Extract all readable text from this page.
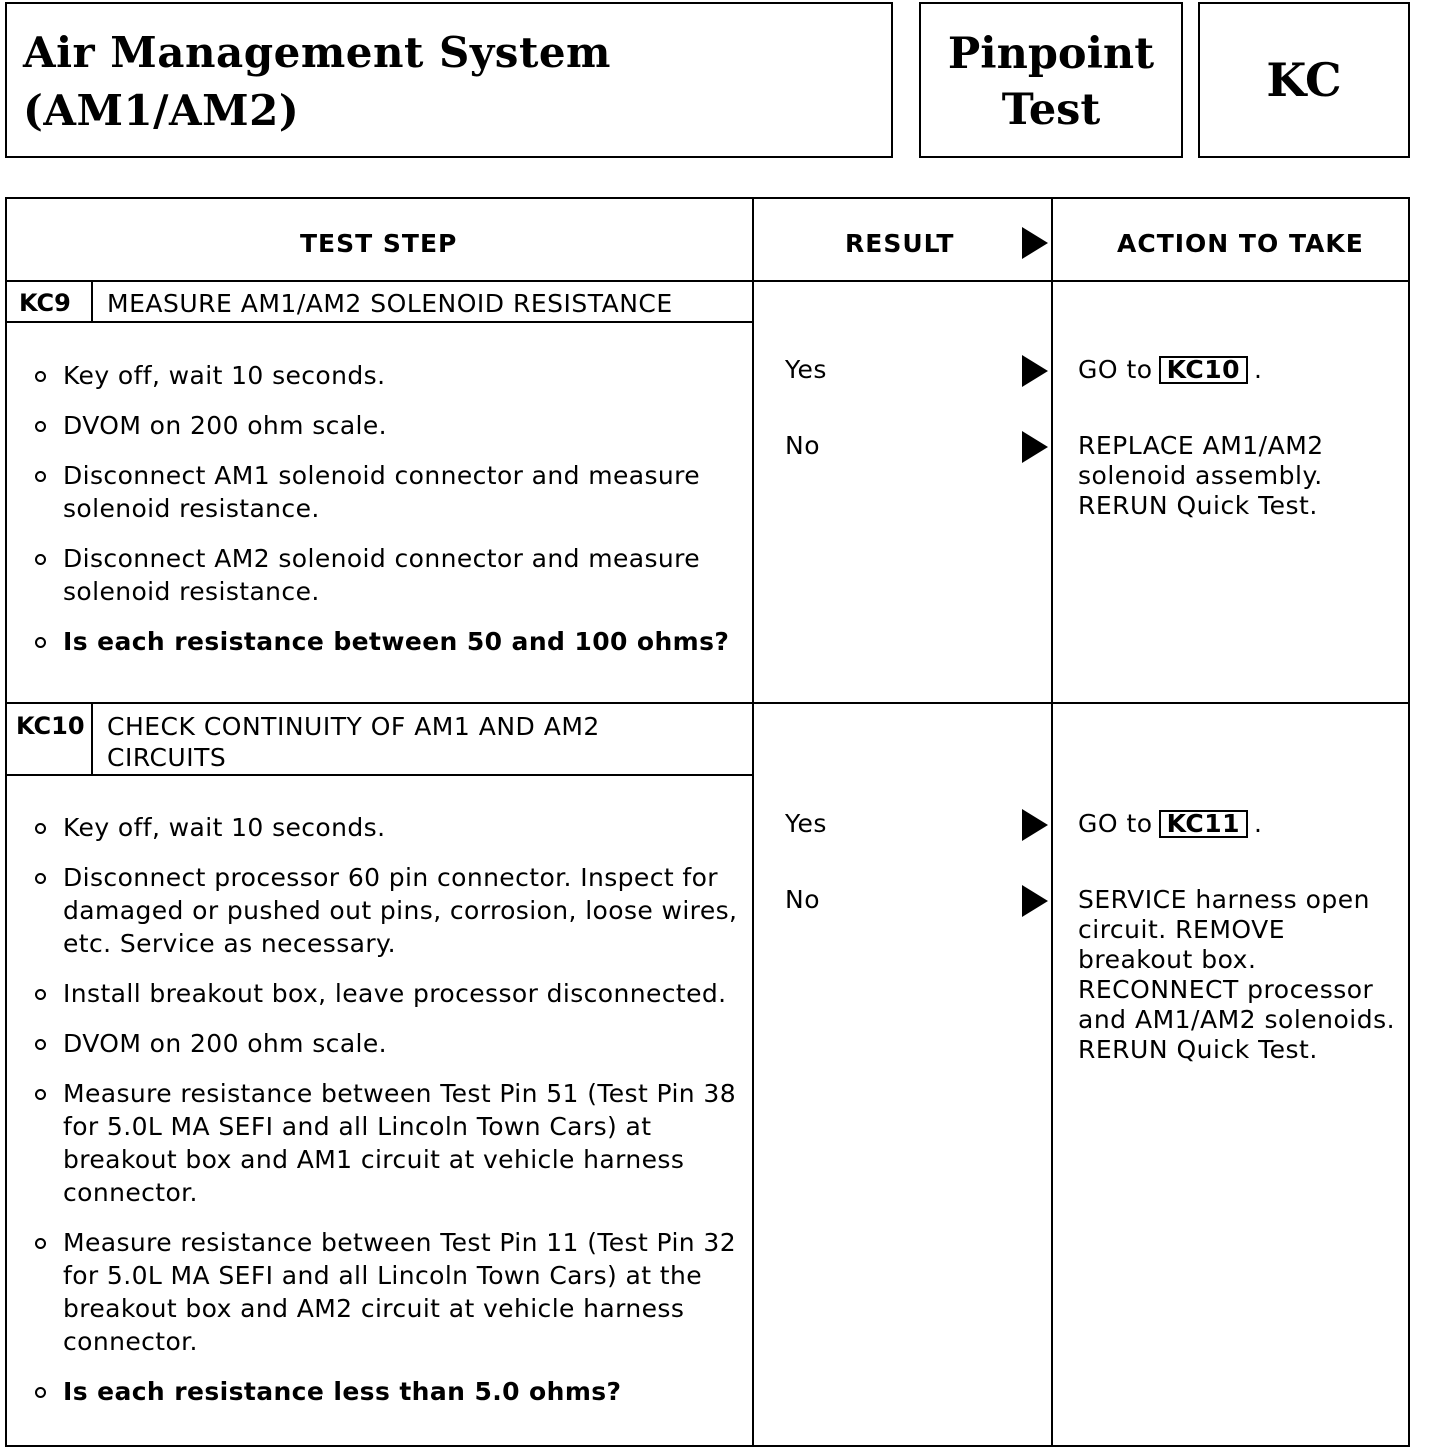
Air Management System
(AM1/AM2)
Pinpoint
Test
KC
TEST STEP	RESULT	ACTION TO TAKE
KC9 MEASURE AM1/AM2 SOLENOID RESISTANCE
Key off, wait 10 seconds.
DVOM on 200 ohm scale.
Disconnect AM1 solenoid connector and measure solenoid resistance.
Disconnect AM2 solenoid connector and measure solenoid resistance.
Is each resistance between 50 and 100 ohms?
Yes	GO to KC10 .
No	REPLACE AM1/AM2 solenoid assembly. RERUN Quick Test.
KC10 CHECK CONTINUITY OF AM1 AND AM2 CIRCUITS
Key off, wait 10 seconds.
Disconnect processor 60 pin connector. Inspect for damaged or pushed out pins, corrosion, loose wires, etc. Service as necessary.
Install breakout box, leave processor disconnected.
DVOM on 200 ohm scale.
Measure resistance between Test Pin 51 (Test Pin 38 for 5.0L MA SEFI and all Lincoln Town Cars) at breakout box and AM1 circuit at vehicle harness connector.
Measure resistance between Test Pin 11 (Test Pin 32 for 5.0L MA SEFI and all Lincoln Town Cars) at the breakout box and AM2 circuit at vehicle harness connector.
Is each resistance less than 5.0 ohms?
Yes	GO to KC11 .
No	SERVICE harness open circuit. REMOVE breakout box. RECONNECT processor and AM1/AM2 solenoids. RERUN Quick Test.
